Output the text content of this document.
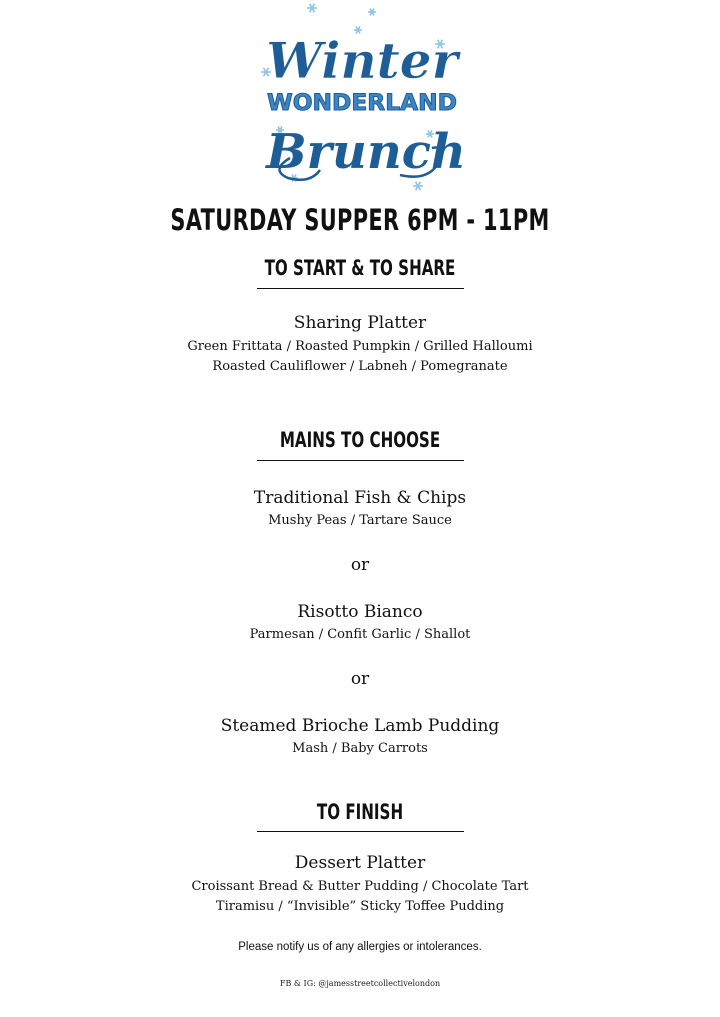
Winter
WONDERLAND
Brunch
SATURDAY SUPPER 6PM - 11PM
TO START & TO SHARE
Sharing Platter
Green Frittata / Roasted Pumpkin / Grilled Halloumi
Roasted Cauliflower / Labneh / Pomegranate
MAINS TO CHOOSE
Traditional Fish & Chips
Mushy Peas / Tartare Sauce
or
Risotto Bianco
Parmesan / Confit Garlic / Shallot
or
Steamed Brioche Lamb Pudding
Mash / Baby Carrots
TO FINISH
Dessert Platter
Croissant Bread & Butter Pudding / Chocolate Tart
Tiramisu / “Invisible” Sticky Toffee Pudding
Please notify us of any allergies or intolerances.
FB & IG: @jamesstreetcollectivelondon
